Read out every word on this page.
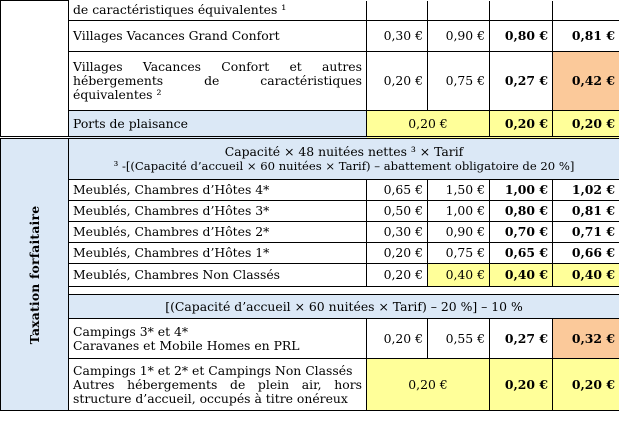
	de caractéristiques équivalentes ¹				
	Villages Vacances Grand Confort	0,30 €	0,90 €	0,80 €	0,81 €

	Villages Vacances Confort et autres
hébergements de caractéristiques
équivalentes ²	0,20 €	0,75 €	0,27 €	0,42 €
	Ports de plaisance	0,20 €		0,20 €	0,20 €

Taxation forfaitaire	Capacité × 48 nuitées nettes ³ × Tarif
³ -[(Capacité d’accueil × 60 nuitées × Tarif) – abattement obligatoire de 20 %]				

	Meublés, Chambres d’Hôtes 4*	0,65 €	1,50 €	1,00 €	1,02 €
	Meublés, Chambres d’Hôtes 3*	0,50 €	1,00 €	0,80 €	0,81 €
	Meublés, Chambres d’Hôtes 2*	0,30 €	0,90 €	0,70 €	0,71 €
	Meublés, Chambres d’Hôtes 1*	0,20 €	0,75 €	0,65 €	0,66 €
	Meublés, Chambres Non Classés	0,20 €	0,40 €	0,40 €	0,40 €

	[(Capacité d’accueil × 60 nuitées × Tarif) – 20 %] – 10 %				

	Campings 3* et 4*
Caravanes et Mobile Homes en PRL	0,20 €	0,55 €	0,27 €	0,32 €

	Campings 1* et 2* et Campings Non Classés
Autres hébergements de plein air, hors
structure d’accueil, occupés à titre onéreux	0,20 €		0,20 €	0,20 €
